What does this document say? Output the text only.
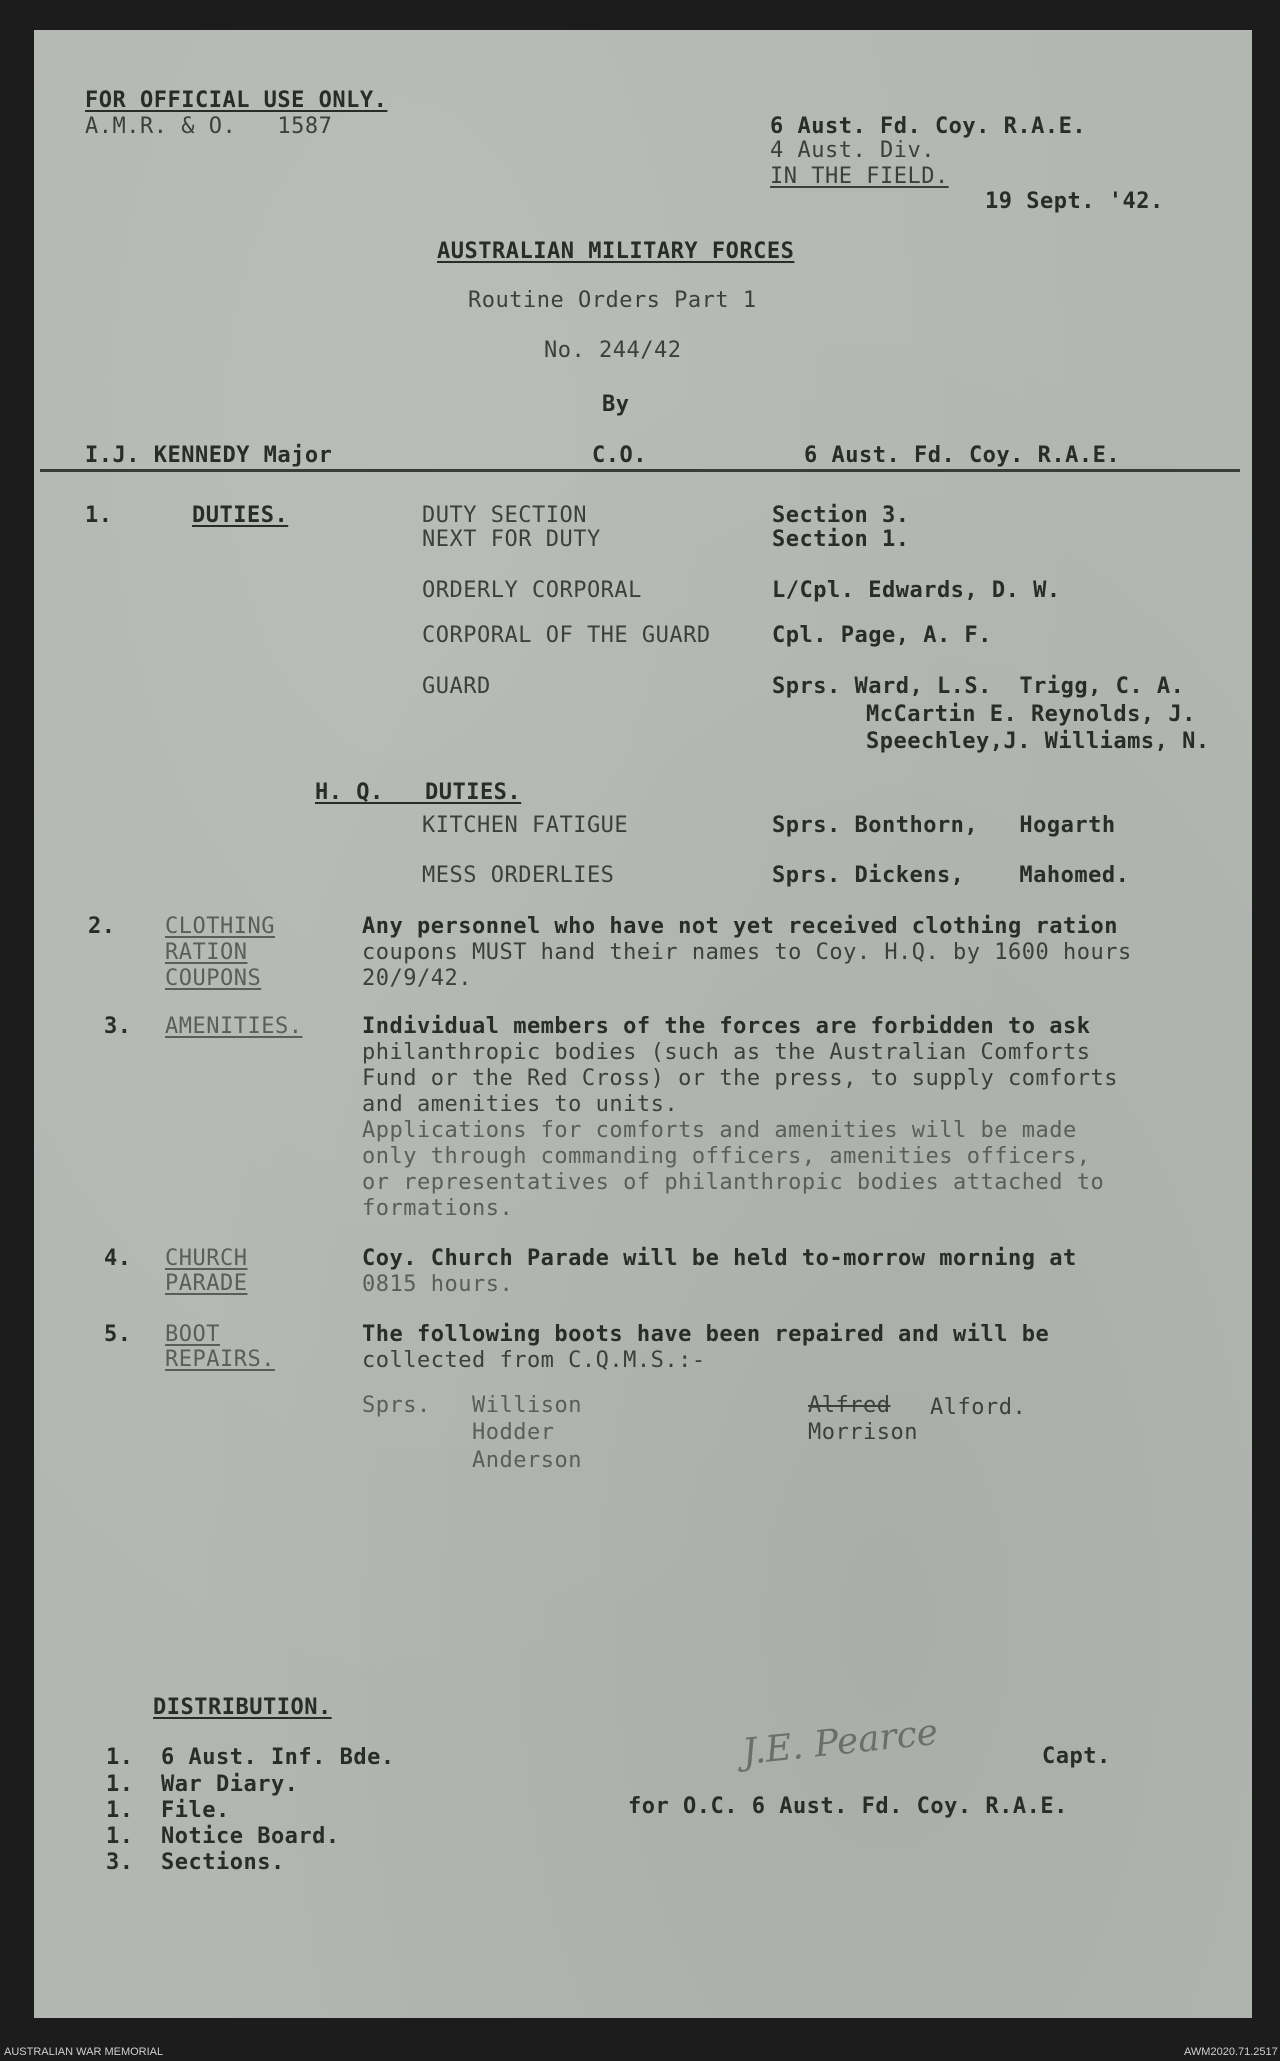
FOR OFFICIAL USE ONLY.
A.M.R. & O.   1587	6 Aust. Fd. Coy. R.A.E.
4 Aust. Div.
IN THE FIELD.
19 Sept. '42.
AUSTRALIAN MILITARY FORCES
Routine Orders Part 1
No. 244/42
By
I.J. KENNEDY Major	C.O.	6 Aust. Fd. Coy. R.A.E.
1.	DUTIES.	DUTY SECTION	Section 3.
NEXT FOR DUTY	Section 1.
ORDERLY CORPORAL	L/Cpl. Edwards, D. W.
CORPORAL OF THE GUARD	Cpl. Page, A. F.
GUARD	Sprs. Ward, L.S.  Trigg, C. A.
McCartin E. Reynolds, J.
Speechley,J. Williams, N.
H. Q.   DUTIES.
KITCHEN FATIGUE	Sprs. Bonthorn,   Hogarth
MESS ORDERLIES	Sprs. Dickens,    Mahomed.
2. CLOTHING
RATION
COUPONS
Any personnel who have not yet received clothing ration
coupons MUST hand their names to Coy. H.Q. by 1600 hours
20/9/42.
3. AMENITIES.	Individual members of the forces are forbidden to ask
philanthropic bodies (such as the Australian Comforts
Fund or the Red Cross) or the press, to supply comforts
and amenities to units.
Applications for comforts and amenities will be made
only through commanding officers, amenities officers,
or representatives of philanthropic bodies attached to
formations.
4. CHURCH
PARADE
Coy. Church Parade will be held to-morrow morning at
0815 hours.
5. BOOT
REPAIRS.
The following boots have been repaired and will be
collected from C.Q.M.S.:-
Sprs. Willison
Hodder
Anderson
Alfred Alford.
Morrison
DISTRIBUTION.
1.  6 Aust. Inf. Bde.
1.  War Diary.
1.  File.
1.  Notice Board.
3.  Sections.
J.E. Pearce	Capt.
for O.C. 6 Aust. Fd. Coy. R.A.E.
AUSTRALIAN WAR MEMORIAL	AWM2020.71.2517
